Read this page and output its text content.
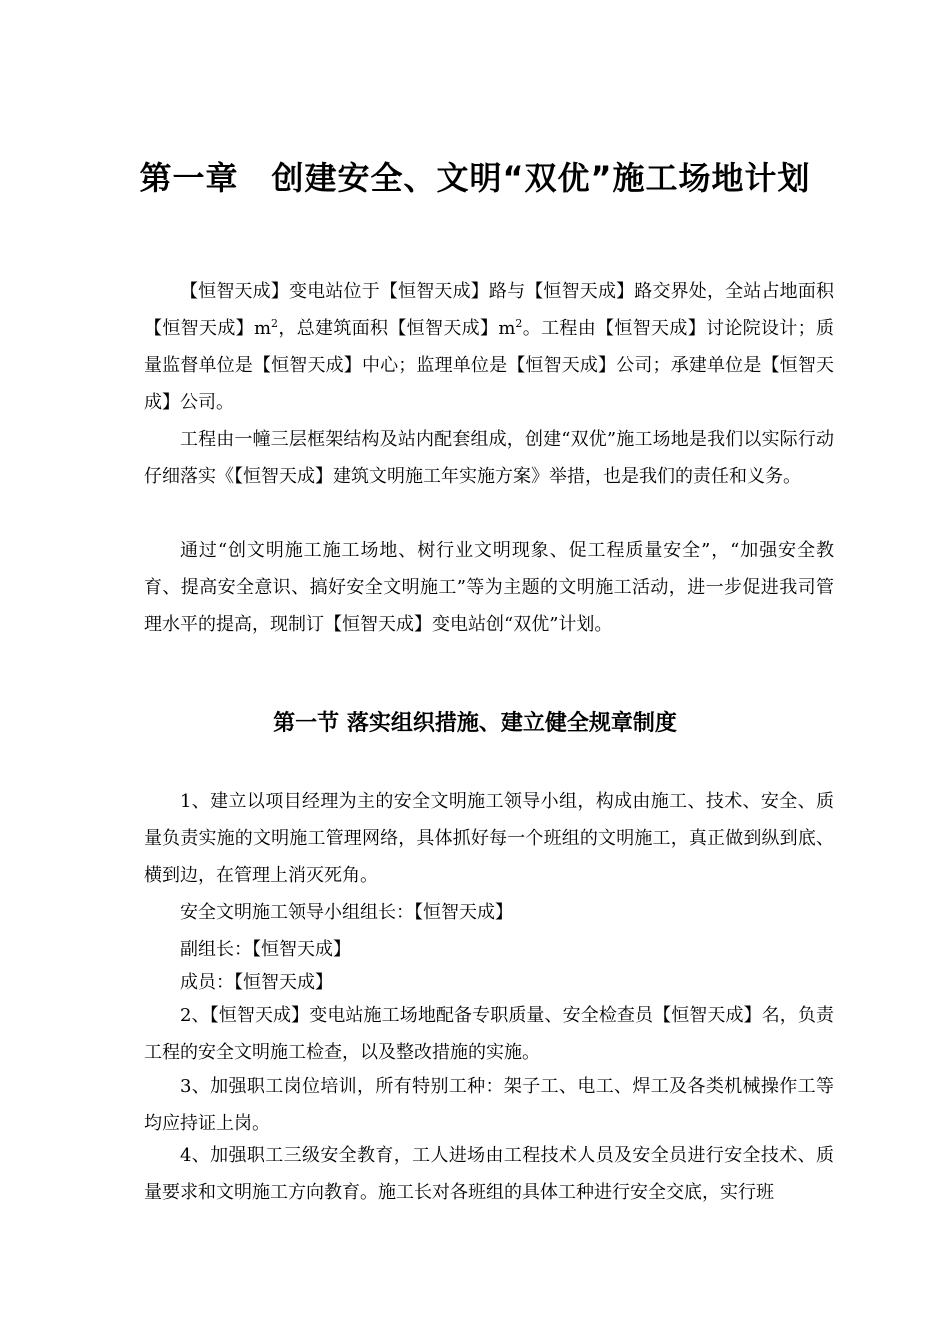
第一章　创建安全、文明“双优”施工场地计划

【恒智天成】变电站位于【恒智天成】路与【恒智天成】路交界处，全站占地面积【恒智天成】$m^2$，总建筑面积【恒智天成】$m^2$。工程由【恒智天成】讨论院设计；质量监督单位是【恒智天成】中心；监理单位是【恒智天成】公司；承建单位是【恒智天成】公司。

工程由一幢三层框架结构及站内配套组成，创建“双优”施工场地是我们以实际行动仔细落实《【恒智天成】建筑文明施工年实施方案》举措，也是我们的责任和义务。

通过“创文明施工施工场地、树行业文明现象、促工程质量安全”，“加强安全教育、提高安全意识、搞好安全文明施工”等为主题的文明施工活动，进一步促进我司管理水平的提高，现制订【恒智天成】变电站创“双优”计划。

第一节 落实组织措施、建立健全规章制度

1、建立以项目经理为主的安全文明施工领导小组，构成由施工、技术、安全、质量负责实施的文明施工管理网络，具体抓好每一个班组的文明施工，真正做到纵到底、横到边，在管理上消灭死角。

安全文明施工领导小组组长：【恒智天成】

副组长：【恒智天成】

成员：【恒智天成】

2、【恒智天成】变电站施工场地配备专职质量、安全检查员【恒智天成】名，负责工程的安全文明施工检查，以及整改措施的实施。

3、加强职工岗位培训，所有特别工种：架子工、电工、焊工及各类机械操作工等均应持证上岗。

4、加强职工三级安全教育，工人进场由工程技术人员及安全员进行安全技术、质量要求和文明施工方向教育。施工长对各班组的具体工种进行安全交底，实行班
